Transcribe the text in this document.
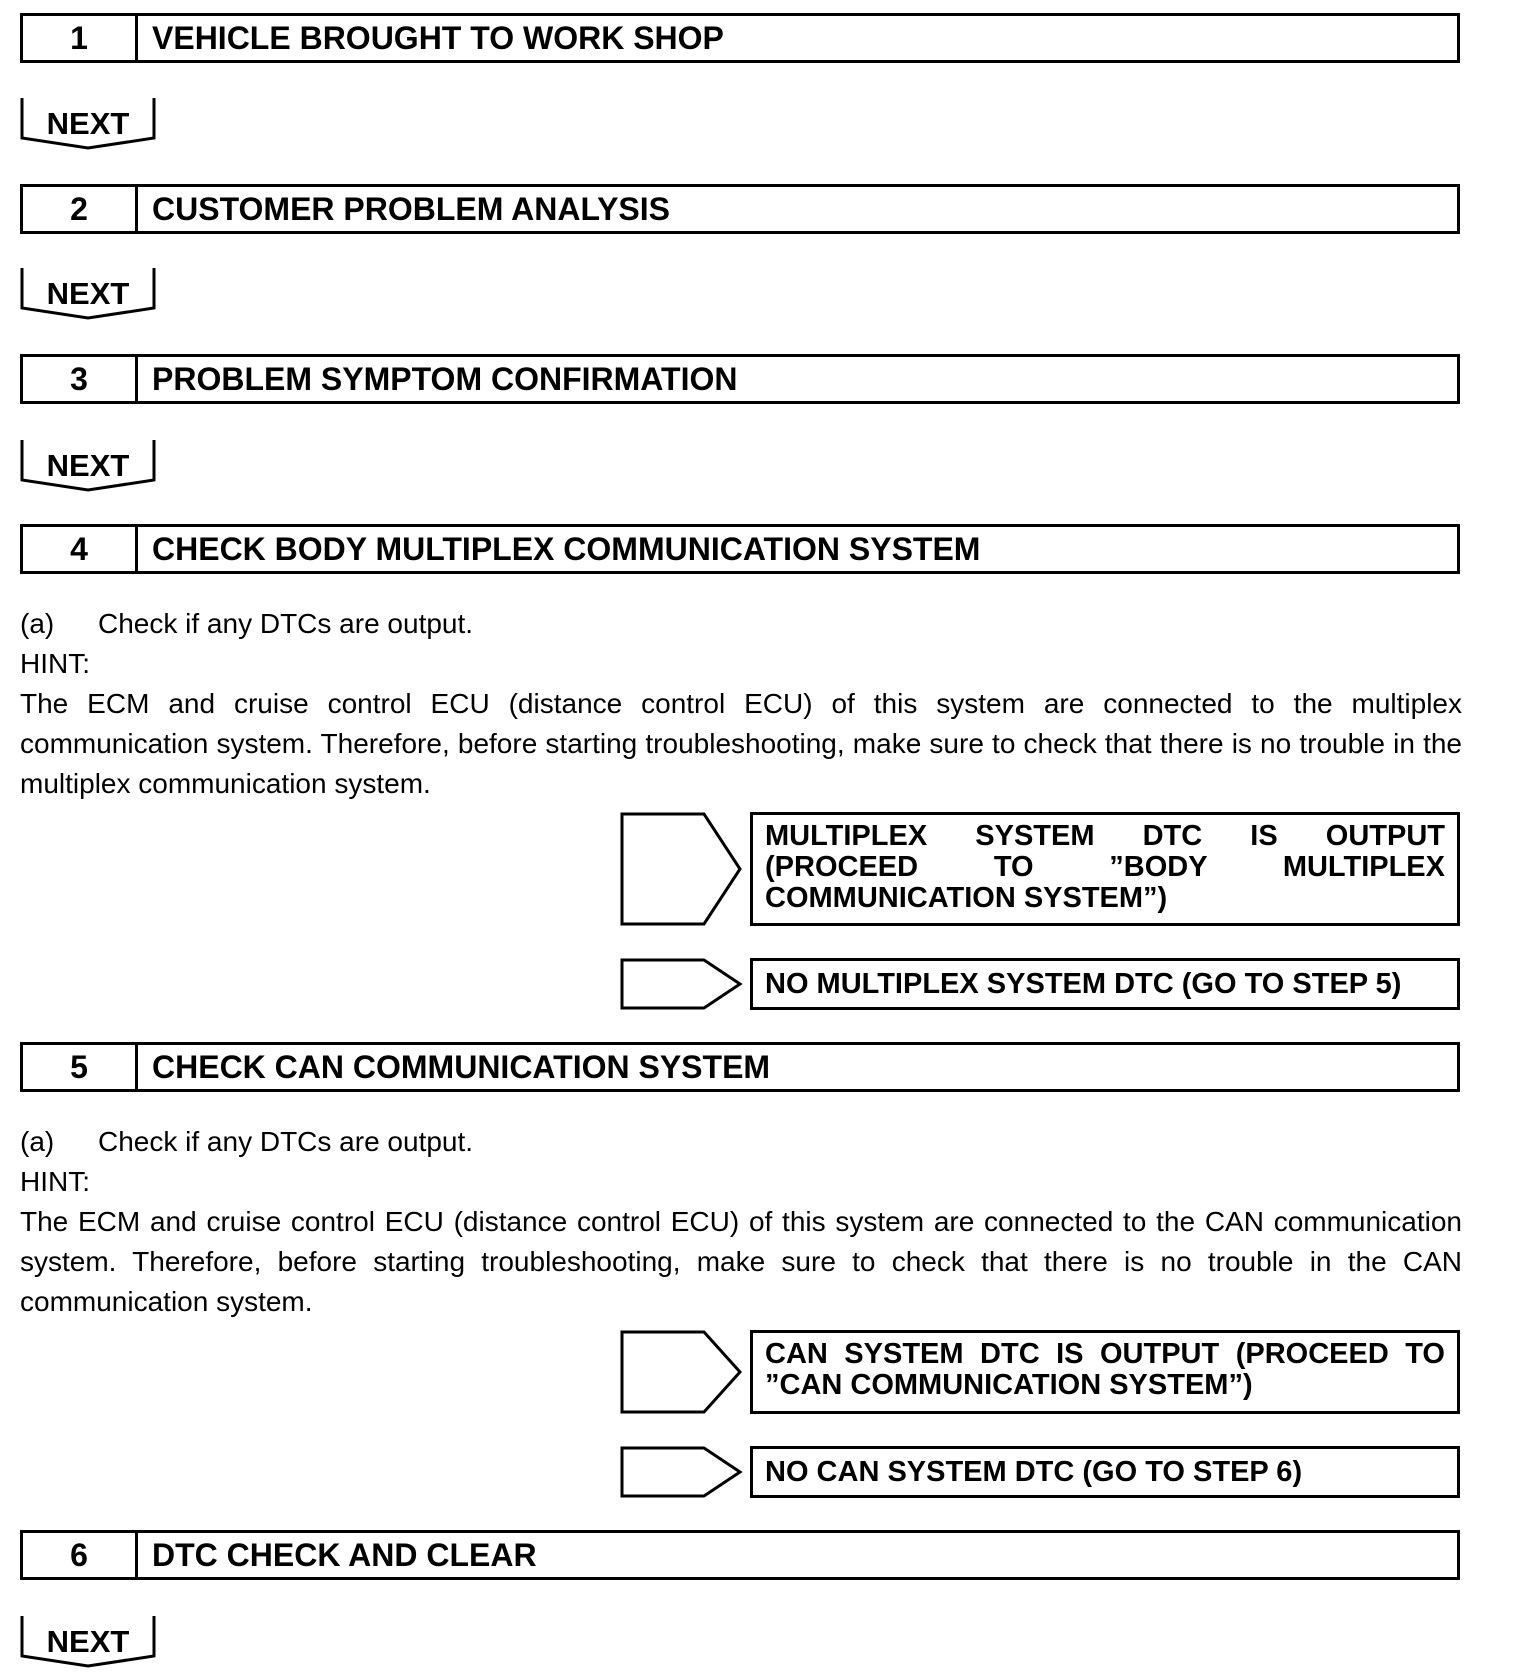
1	VEHICLE BROUGHT TO WORK SHOP
NEXT
2	CUSTOMER PROBLEM ANALYSIS
NEXT
3	PROBLEM SYMPTOM CONFIRMATION
NEXT
4	CHECK BODY MULTIPLEX COMMUNICATION SYSTEM

(a) Check if any DTCs are output.

HINT:

The ECM and cruise control ECU (distance control ECU) of this system are connected to the multiplex communication system. Therefore, before starting troubleshooting, make sure to check that there is no trouble in the multiplex communication system.

MULTIPLEX SYSTEM DTC IS OUTPUT (PROCEED TO ”BODY MULTIPLEX COMMUNICATION SYSTEM”)
NO MULTIPLEX SYSTEM DTC (GO TO STEP 5)
5	CHECK CAN COMMUNICATION SYSTEM

(a) Check if any DTCs are output.

HINT:

The ECM and cruise control ECU (distance control ECU) of this system are connected to the CAN communication system. Therefore, before starting troubleshooting, make sure to check that there is no trouble in the CAN communication system.

CAN SYSTEM DTC IS OUTPUT (PROCEED TO ”CAN COMMUNICATION SYSTEM”)
NO CAN SYSTEM DTC (GO TO STEP 6)
6	DTC CHECK AND CLEAR
NEXT
